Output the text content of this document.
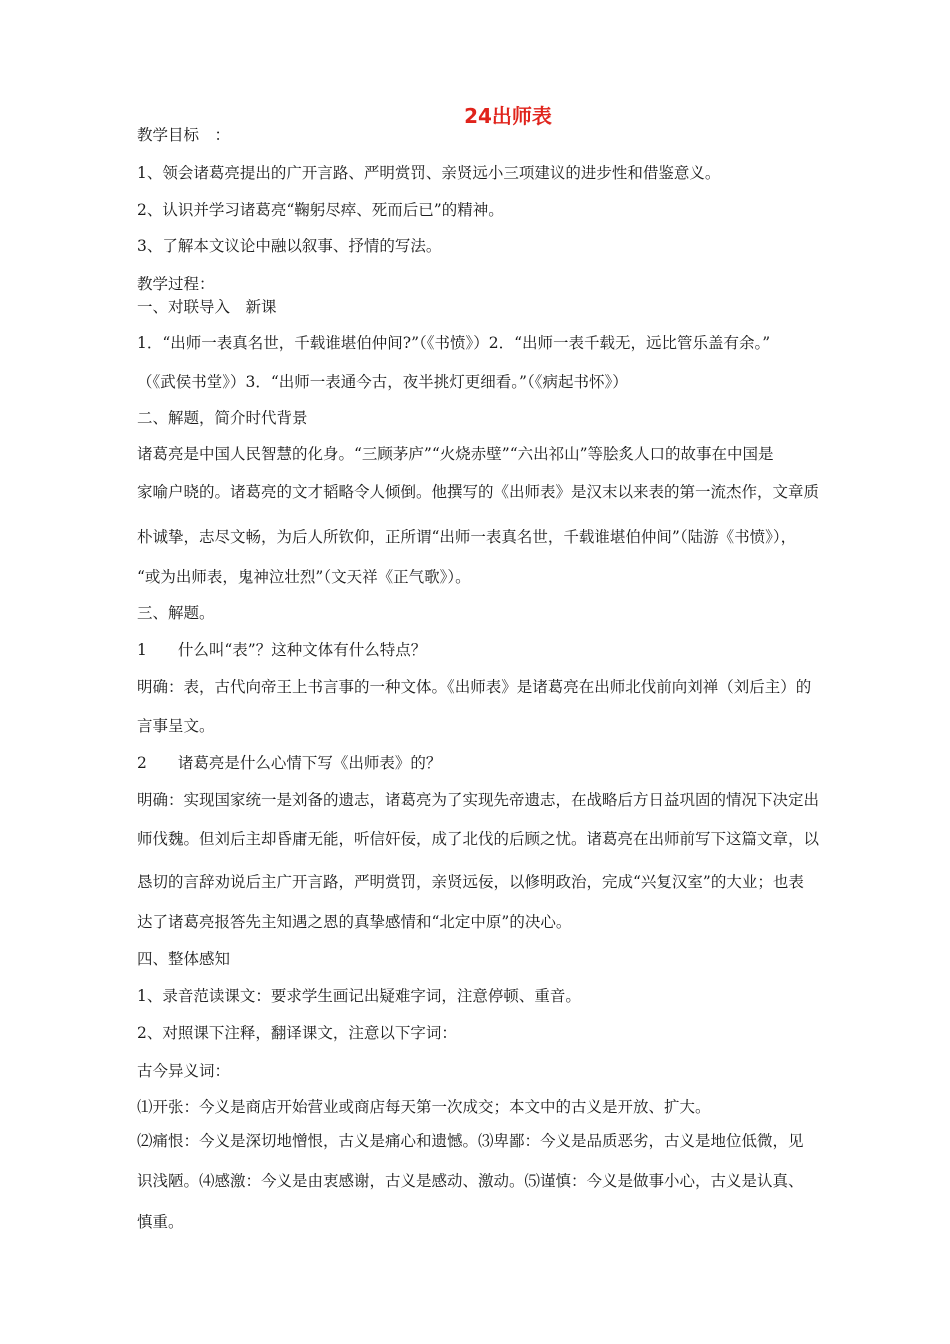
24出师表
教学目标　：
1、领会诸葛亮提出的广开言路、严明赏罚、亲贤远小三项建议的进步性和借鉴意义。
2、认识并学习诸葛亮“鞠躬尽瘁、死而后已”的精神。
3、了解本文议论中融以叙事、抒情的写法。
教学过程：
一、对联导入　新课
1．“出师一表真名世，千载谁堪伯仲间?”（《书愤》）2．“出师一表千载无，远比管乐盖有余。”
（《武侯书堂》）3．“出师一表通今古，夜半挑灯更细看。”（《病起书怀》）
二、解题，简介时代背景
诸葛亮是中国人民智慧的化身。“三顾茅庐”“火烧赤壁”“六出祁山”等脍炙人口的故事在中国是
家喻户晓的。诸葛亮的文才韬略令人倾倒。他撰写的《出师表》是汉末以来表的第一流杰作，文章质
朴诚挚，志尽文畅，为后人所钦仰，正所谓“出师一表真名世，千载谁堪伯仲间”（陆游《书愤》），
“或为出师表，鬼神泣壮烈”（文天祥《正气歌》）。
三、解题。
1　　什么叫“表”？这种文体有什么特点？
明确：表，古代向帝王上书言事的一种文体。《出师表》是诸葛亮在出师北伐前向刘禅（刘后主）的
言事呈文。
2　　诸葛亮是什么心情下写《出师表》的？
明确：实现国家统一是刘备的遗志，诸葛亮为了实现先帝遗志，在战略后方日益巩固的情况下决定出
师伐魏。但刘后主却昏庸无能，听信奸佞，成了北伐的后顾之忧。诸葛亮在出师前写下这篇文章，以
恳切的言辞劝说后主广开言路，严明赏罚，亲贤远佞，以修明政治，完成“兴复汉室”的大业；也表
达了诸葛亮报答先主知遇之恩的真挚感情和“北定中原”的决心。
四、整体感知
1、录音范读课文：要求学生画记出疑难字词，注意停顿、重音。
2、对照课下注释，翻译课文，注意以下字词：
古今异义词：
⑴开张：今义是商店开始营业或商店每天第一次成交；本文中的古义是开放、扩大。
⑵痛恨：今义是深切地憎恨，古义是痛心和遗憾。⑶卑鄙：今义是品质恶劣，古义是地位低微，见
识浅陋。⑷感激：今义是由衷感谢，古义是感动、激动。⑸谨慎：今义是做事小心，古义是认真、
慎重。
